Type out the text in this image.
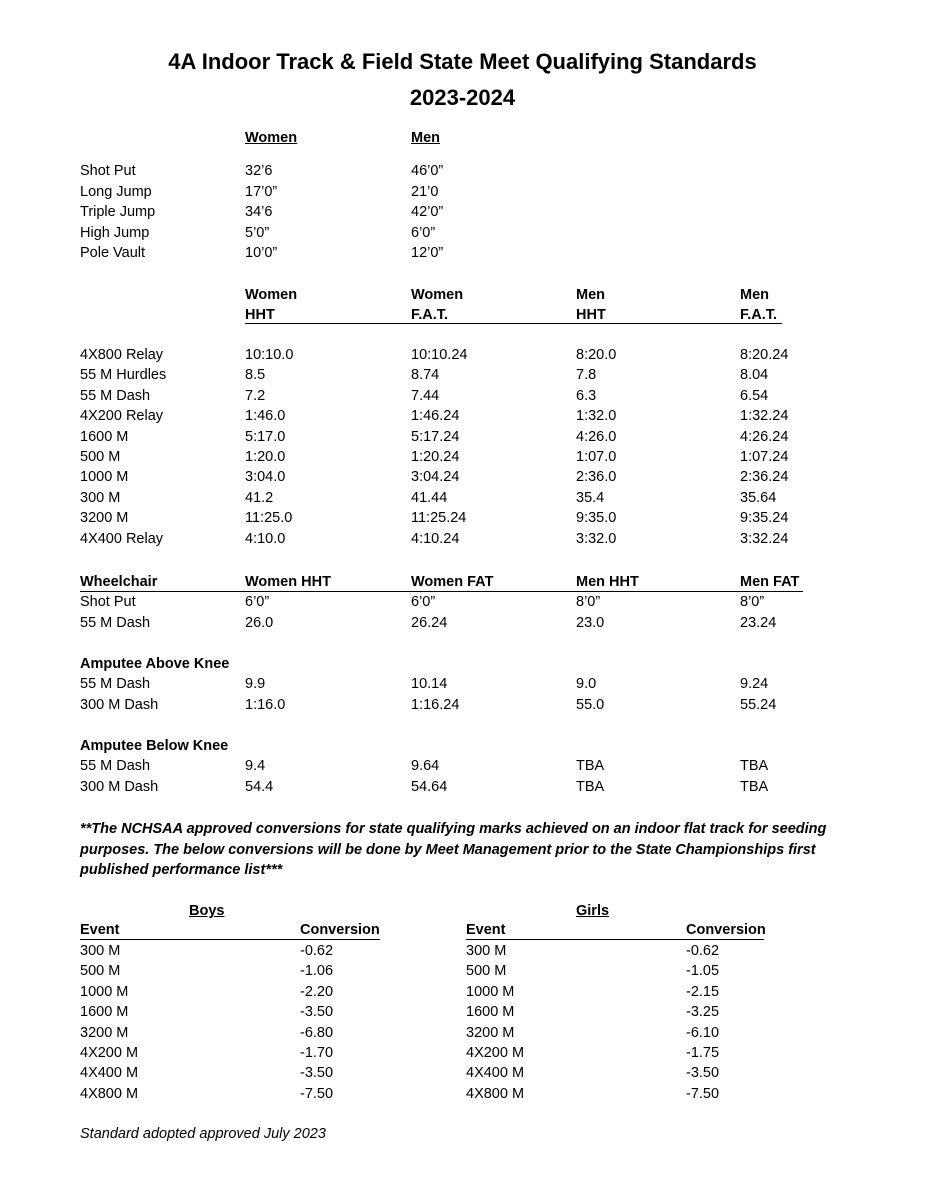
4A Indoor Track & Field State Meet Qualifying Standards
2023-2024
Women	Men
Shot Put	32’6	46’0”
Long Jump	17’0”	21’0
Triple Jump	34’6	42’0”
High Jump	5’0”	6’0”
Pole Vault	10’0”	12’0”
Women	Women	Men	Men
HHT	F.A.T.	HHT	F.A.T.
4X800 Relay	10:10.0	10:10.24	8:20.0	8:20.24
55 M Hurdles	8.5	8.74	7.8	8.04
55 M Dash	7.2	7.44	6.3	6.54
4X200 Relay	1:46.0	1:46.24	1:32.0	1:32.24
1600 M	5:17.0	5:17.24	4:26.0	4:26.24
500 M	1:20.0	1:20.24	1:07.0	1:07.24
1000 M	3:04.0	3:04.24	2:36.0	2:36.24
300 M	41.2	41.44	35.4	35.64
3200 M	11:25.0	11:25.24	9:35.0	9:35.24
4X400 Relay	4:10.0	4:10.24	3:32.0	3:32.24
Wheelchair	Women HHT	Women FAT	Men HHT	Men FAT
Shot Put	6’0”	6’0”	8’0”	8’0”
55 M Dash	26.0	26.24	23.0	23.24
Amputee Above Knee
55 M Dash	9.9	10.14	9.0	9.24
300 M Dash	1:16.0	1:16.24	55.0	55.24
Amputee Below Knee
55 M Dash	9.4	9.64	TBA	TBA
300 M Dash	54.4	54.64	TBA	TBA
**The NCHSAA approved conversions for state qualifying marks achieved on an indoor flat track for seeding purposes. The below conversions will be done by Meet Management prior to the State Championships first published performance list***
Boys	Girls
Event	Conversion	Event	Conversion
300 M	-0.62	300 M	-0.62
500 M	-1.06	500 M	-1.05
1000 M	-2.20	1000 M	-2.15
1600 M	-3.50	1600 M	-3.25
3200 M	-6.80	3200 M	-6.10
4X200 M	-1.70	4X200 M	-1.75
4X400 M	-3.50	4X400 M	-3.50
4X800 M	-7.50	4X800 M	-7.50
Standard adopted approved July 2023
